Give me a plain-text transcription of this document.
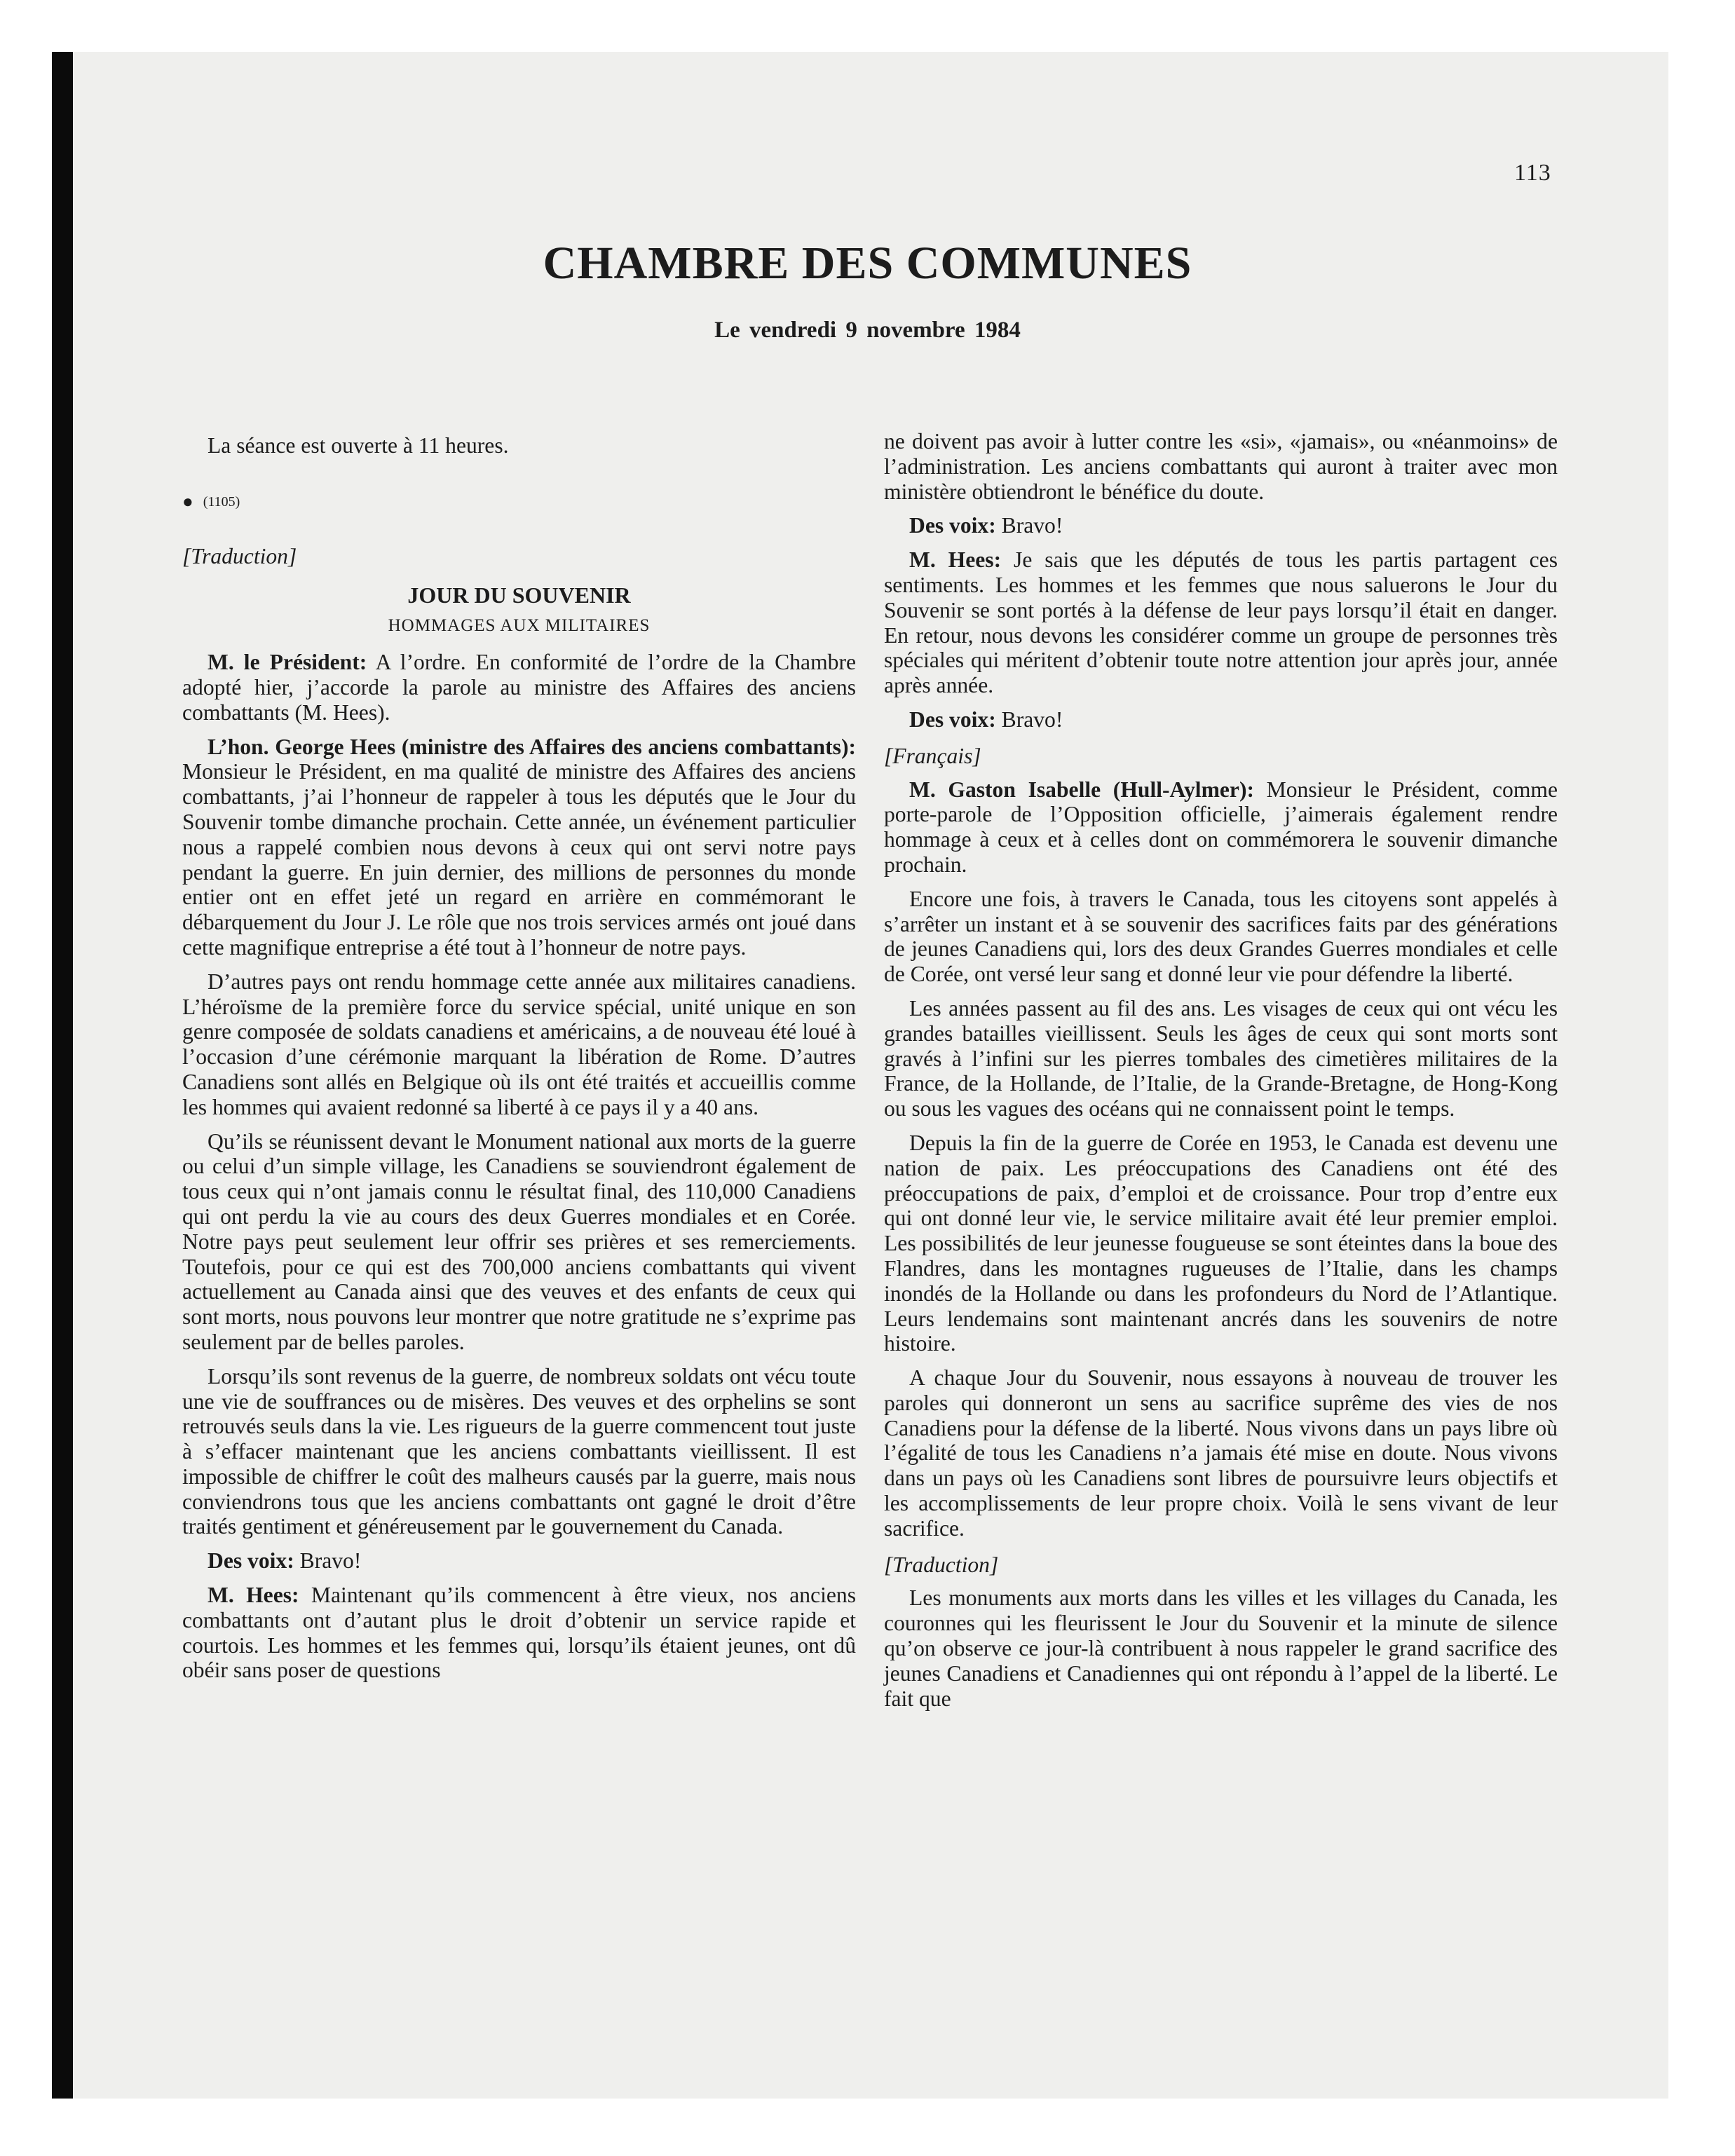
113
CHAMBRE DES COMMUNES
Le vendredi 9 novembre 1984

La séance est ouverte à 11 heures.

● (1105)

[Traduction]

JOUR DU SOUVENIR

HOMMAGES AUX MILITAIRES

M. le Président: A l’ordre. En conformité de l’ordre de la Chambre adopté hier, j’accorde la parole au ministre des Affaires des anciens combattants (M. Hees).

L’hon. George Hees (ministre des Affaires des anciens combattants): Monsieur le Président, en ma qualité de ministre des Affaires des anciens combattants, j’ai l’honneur de rappeler à tous les députés que le Jour du Souvenir tombe dimanche prochain. Cette année, un événement particulier nous a rappelé combien nous devons à ceux qui ont servi notre pays pendant la guerre. En juin dernier, des millions de personnes du monde entier ont en effet jeté un regard en arrière en commémorant le débarquement du Jour J. Le rôle que nos trois services armés ont joué dans cette magnifique entreprise a été tout à l’honneur de notre pays.

D’autres pays ont rendu hommage cette année aux militaires canadiens. L’héroïsme de la première force du service spécial, unité unique en son genre composée de soldats canadiens et américains, a de nouveau été loué à l’occasion d’une cérémonie marquant la libération de Rome. D’autres Canadiens sont allés en Belgique où ils ont été traités et accueillis comme les hommes qui avaient redonné sa liberté à ce pays il y a 40 ans.

Qu’ils se réunissent devant le Monument national aux morts de la guerre ou celui d’un simple village, les Canadiens se souviendront également de tous ceux qui n’ont jamais connu le résultat final, des 110,000 Canadiens qui ont perdu la vie au cours des deux Guerres mondiales et en Corée. Notre pays peut seulement leur offrir ses prières et ses remerciements. Toutefois, pour ce qui est des 700,000 anciens combattants qui vivent actuellement au Canada ainsi que des veuves et des enfants de ceux qui sont morts, nous pouvons leur montrer que notre gratitude ne s’exprime pas seulement par de belles paroles.

Lorsqu’ils sont revenus de la guerre, de nombreux soldats ont vécu toute une vie de souffrances ou de misères. Des veuves et des orphelins se sont retrouvés seuls dans la vie. Les rigueurs de la guerre commencent tout juste à s’effacer maintenant que les anciens combattants vieillissent. Il est impossible de chiffrer le coût des malheurs causés par la guerre, mais nous conviendrons tous que les anciens combattants ont gagné le droit d’être traités gentiment et généreusement par le gouvernement du Canada.

Des voix: Bravo!

M. Hees: Maintenant qu’ils commencent à être vieux, nos anciens combattants ont d’autant plus le droit d’obtenir un service rapide et courtois. Les hommes et les femmes qui, lorsqu’ils étaient jeunes, ont dû obéir sans poser de questions

ne doivent pas avoir à lutter contre les «si», «jamais», ou «néanmoins» de l’administration. Les anciens combattants qui auront à traiter avec mon ministère obtiendront le bénéfice du doute.

Des voix: Bravo!

M. Hees: Je sais que les députés de tous les partis partagent ces sentiments. Les hommes et les femmes que nous saluerons le Jour du Souvenir se sont portés à la défense de leur pays lorsqu’il était en danger. En retour, nous devons les considérer comme un groupe de personnes très spéciales qui méritent d’obtenir toute notre attention jour après jour, année après année.

Des voix: Bravo!

[Français]

M. Gaston Isabelle (Hull-Aylmer): Monsieur le Président, comme porte-parole de l’Opposition officielle, j’aimerais également rendre hommage à ceux et à celles dont on commémorera le souvenir dimanche prochain.

Encore une fois, à travers le Canada, tous les citoyens sont appelés à s’arrêter un instant et à se souvenir des sacrifices faits par des générations de jeunes Canadiens qui, lors des deux Grandes Guerres mondiales et celle de Corée, ont versé leur sang et donné leur vie pour défendre la liberté.

Les années passent au fil des ans. Les visages de ceux qui ont vécu les grandes batailles vieillissent. Seuls les âges de ceux qui sont morts sont gravés à l’infini sur les pierres tombales des cimetières militaires de la France, de la Hollande, de l’Italie, de la Grande-Bretagne, de Hong-Kong ou sous les vagues des océans qui ne connaissent point le temps.

Depuis la fin de la guerre de Corée en 1953, le Canada est devenu une nation de paix. Les préoccupations des Canadiens ont été des préoccupations de paix, d’emploi et de croissance. Pour trop d’entre eux qui ont donné leur vie, le service militaire avait été leur premier emploi. Les possibilités de leur jeunesse fougueuse se sont éteintes dans la boue des Flandres, dans les montagnes rugueuses de l’Italie, dans les champs inondés de la Hollande ou dans les profondeurs du Nord de l’Atlantique. Leurs lendemains sont maintenant ancrés dans les souvenirs de notre histoire.

A chaque Jour du Souvenir, nous essayons à nouveau de trouver les paroles qui donneront un sens au sacrifice suprême des vies de nos Canadiens pour la défense de la liberté. Nous vivons dans un pays libre où l’égalité de tous les Canadiens n’a jamais été mise en doute. Nous vivons dans un pays où les Canadiens sont libres de poursuivre leurs objectifs et les accomplissements de leur propre choix. Voilà le sens vivant de leur sacrifice.

[Traduction]

Les monuments aux morts dans les villes et les villages du Canada, les couronnes qui les fleurissent le Jour du Souvenir et la minute de silence qu’on observe ce jour-là contribuent à nous rappeler le grand sacrifice des jeunes Canadiens et Canadiennes qui ont répondu à l’appel de la liberté. Le fait que
